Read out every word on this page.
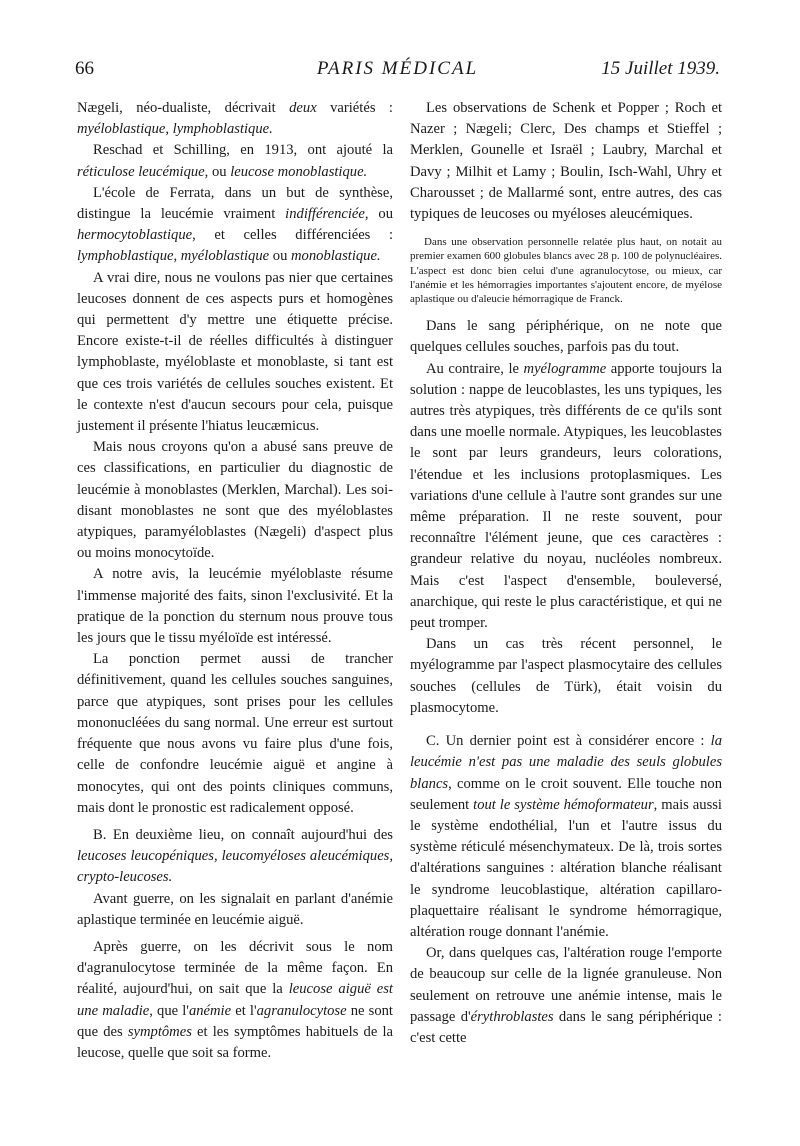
66	PARIS MÉDICAL	15 Juillet 1939.

Nægeli, néo-dualiste, décrivait deux variétés : myéloblastique, lymphoblastique.

Reschad et Schilling, en 1913, ont ajouté la réticulose leucémique, ou leucose monoblastique.

L'école de Ferrata, dans un but de synthèse, distingue la leucémie vraiment indifférenciée, ou hermocytoblastique, et celles différenciées : lymphoblastique, myéloblastique ou monoblastique.

A vrai dire, nous ne voulons pas nier que certaines leucoses donnent de ces aspects purs et homogènes qui permettent d'y mettre une étiquette précise. Encore existe-t-il de réelles difficultés à distinguer lymphoblaste, myéloblaste et monoblaste, si tant est que ces trois variétés de cellules souches existent. Et le contexte n'est d'aucun secours pour cela, puisque justement il présente l'hiatus leucæmicus.

Mais nous croyons qu'on a abusé sans preuve de ces classifications, en particulier du diagnostic de leucémie à monoblastes (Merklen, Marchal). Les soi-disant monoblastes ne sont que des myéloblastes atypiques, paramyéloblastes (Nægeli) d'aspect plus ou moins monocytoïde.

A notre avis, la leucémie myéloblaste résume l'immense majorité des faits, sinon l'exclusivité. Et la pratique de la ponction du sternum nous prouve tous les jours que le tissu myéloïde est intéressé.

La ponction permet aussi de trancher définitivement, quand les cellules souches sanguines, parce que atypiques, sont prises pour les cellules mononucléées du sang normal. Une erreur est surtout fréquente que nous avons vu faire plus d'une fois, celle de confondre leucémie aiguë et angine à monocytes, qui ont des points cliniques communs, mais dont le pronostic est radicalement opposé.

B. En deuxième lieu, on connaît aujourd'hui des leucoses leucopéniques, leucomyéloses aleucémiques, crypto-leucoses.

Avant guerre, on les signalait en parlant d'anémie aplastique terminée en leucémie aiguë.

Après guerre, on les décrivit sous le nom d'agranulocytose terminée de la même façon. En réalité, aujourd'hui, on sait que la leucose aiguë est une maladie, que l'anémie et l'agranulocytose ne sont que des symptômes et les symptômes habituels de la leucose, quelle que soit sa forme.

Les observations de Schenk et Popper ; Roch et Nazer ; Nægeli; Clerc, Des champs et Stieffel ; Merklen, Gounelle et Israël ; Laubry, Marchal et Davy ; Milhit et Lamy ; Boulin, Isch-Wahl, Uhry et Charousset ; de Mallarmé sont, entre autres, des cas typiques de leucoses ou myéloses aleucémiques.

Dans une observation personnelle relatée plus haut, on notait au premier examen 600 globules blancs avec 28 p. 100 de polynucléaires. L'aspect est donc bien celui d'une agranulocytose, ou mieux, car l'anémie et les hémorragies importantes s'ajoutent encore, de myélose aplastique ou d'aleucie hémorragique de Franck.

Dans le sang périphérique, on ne note que quelques cellules souches, parfois pas du tout.

Au contraire, le myélogramme apporte toujours la solution : nappe de leucoblastes, les uns typiques, les autres très atypiques, très différents de ce qu'ils sont dans une moelle normale. Atypiques, les leucoblastes le sont par leurs grandeurs, leurs colorations, l'étendue et les inclusions protoplasmiques. Les variations d'une cellule à l'autre sont grandes sur une même préparation. Il ne reste souvent, pour reconnaître l'élément jeune, que ces caractères : grandeur relative du noyau, nucléoles nombreux. Mais c'est l'aspect d'ensemble, bouleversé, anarchique, qui reste le plus caractéristique, et qui ne peut tromper.

Dans un cas très récent personnel, le myélogramme par l'aspect plasmocytaire des cellules souches (cellules de Türk), était voisin du plasmocytome.

C. Un dernier point est à considérer encore : la leucémie n'est pas une maladie des seuls globules blancs, comme on le croit souvent. Elle touche non seulement tout le système hémoformateur, mais aussi le système endothélial, l'un et l'autre issus du système réticulé mésenchymateux. De là, trois sortes d'altérations sanguines : altération blanche réalisant le syndrome leucoblastique, altération capillaro-plaquettaire réalisant le syndrome hémorragique, altération rouge donnant l'anémie.

Or, dans quelques cas, l'altération rouge l'emporte de beaucoup sur celle de la lignée granuleuse. Non seulement on retrouve une anémie intense, mais le passage d'érythroblastes dans le sang périphérique : c'est cette
